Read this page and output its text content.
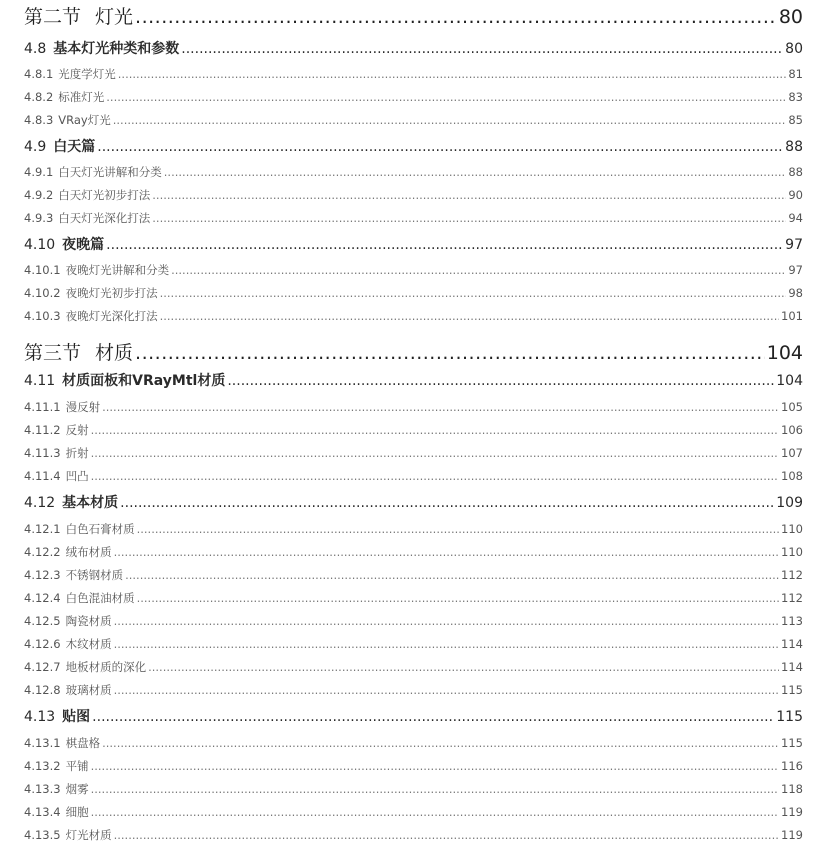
第二节 灯光 .....	80
4.8 基本灯光种类和参数 .....	80
4.8.1 光度学灯光 .....	81
4.8.2 标准灯光 .....	83
4.8.3 VRay灯光 .....	85
4.9 白天篇 .....	88
4.9.1 白天灯光讲解和分类 .....	88
4.9.2 白天灯光初步打法 .....	90
4.9.3 白天灯光深化打法 .....	94
4.10 夜晚篇 .....	97
4.10.1 夜晚灯光讲解和分类 .....	97
4.10.2 夜晚灯光初步打法 .....	98
4.10.3 夜晚灯光深化打法 .....	101
第三节 材质 .....	104
4.11 材质面板和VRayMtl材质 .....	104
4.11.1 漫反射 .....	105
4.11.2 反射 .....	106
4.11.3 折射 .....	107
4.11.4 凹凸 .....	108
4.12 基本材质 .....	109
4.12.1 白色石膏材质 .....	110
4.12.2 绒布材质 .....	110
4.12.3 不锈钢材质 .....	112
4.12.4 白色混油材质 .....	112
4.12.5 陶瓷材质 .....	113
4.12.6 木纹材质 .....	114
4.12.7 地板材质的深化 .....	114
4.12.8 玻璃材质 .....	115
4.13 贴图 .....	115
4.13.1 棋盘格 .....	115
4.13.2 平铺 .....	116
4.13.3 烟雾 .....	118
4.13.4 细胞 .....	119
4.13.5 灯光材质 .....	119
